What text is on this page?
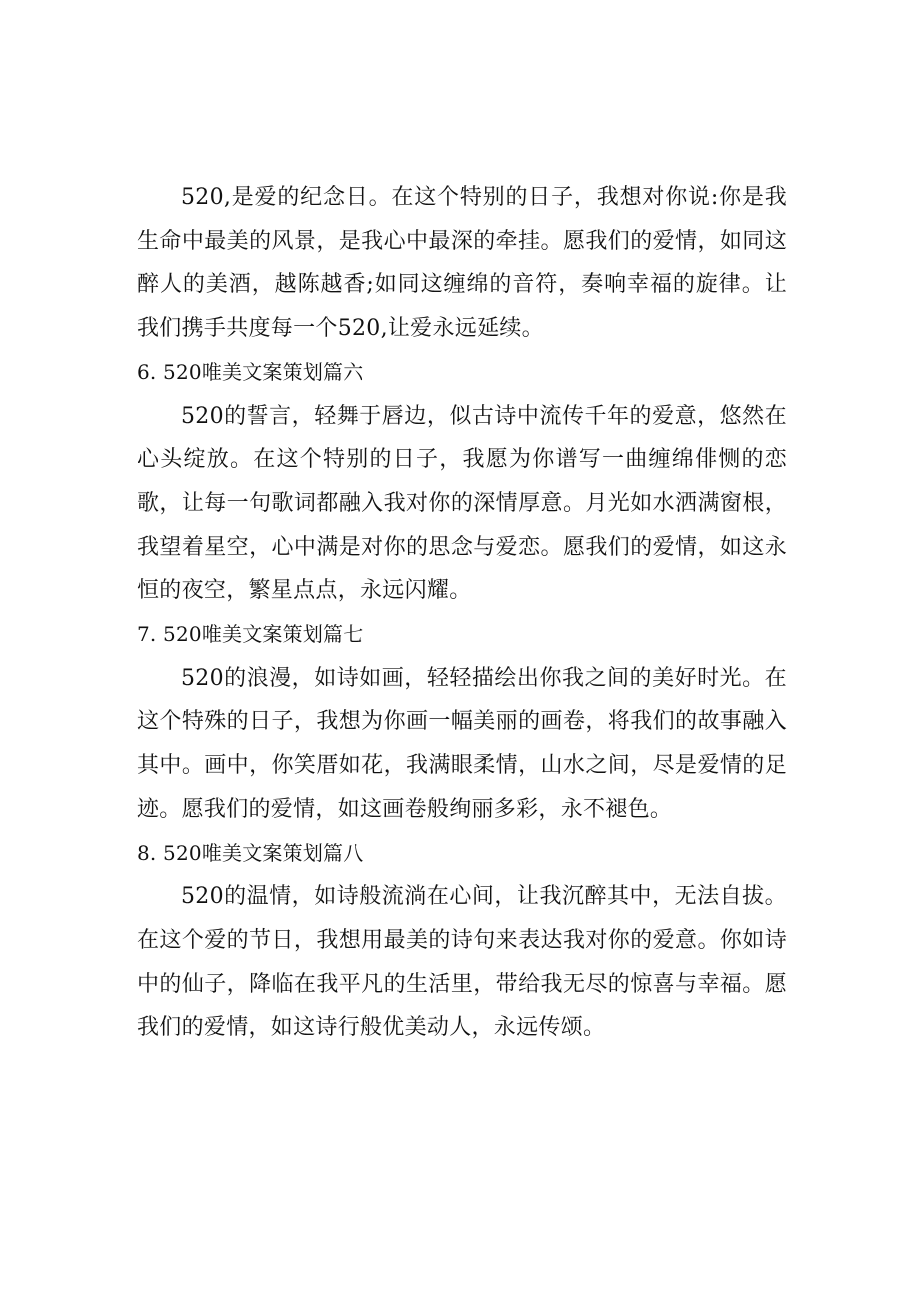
520,是爱的纪念日。在这个特别的日子，我想对你说:你是我生命中最美的风景，是我心中最深的牵挂。愿我们的爱情，如同这醉人的美酒，越陈越香;如同这缠绵的音符，奏响幸福的旋律。让我们携手共度每一个520,让爱永远延续。

6. 520唯美文案策划篇六

520的誓言，轻舞于唇边，似古诗中流传千年的爱意，悠然在心头绽放。在这个特别的日子，我愿为你谱写一曲缠绵俳恻的恋歌，让每一句歌词都融入我对你的深情厚意。月光如水洒满窗根，我望着星空，心中满是对你的思念与爱恋。愿我们的爱情，如这永恒的夜空，繁星点点，永远闪耀。

7. 520唯美文案策划篇七

520的浪漫，如诗如画，轻轻描绘出你我之间的美好时光。在这个特殊的日子，我想为你画一幅美丽的画卷，将我们的故事融入其中。画中，你笑厝如花，我满眼柔情，山水之间，尽是爱情的足迹。愿我们的爱情，如这画卷般绚丽多彩，永不褪色。

8. 520唯美文案策划篇八

520的温情，如诗般流淌在心间，让我沉醉其中，无法自拔。在这个爱的节日，我想用最美的诗句来表达我对你的爱意。你如诗中的仙子，降临在我平凡的生活里，带给我无尽的惊喜与幸福。愿我们的爱情，如这诗行般优美动人，永远传颂。
